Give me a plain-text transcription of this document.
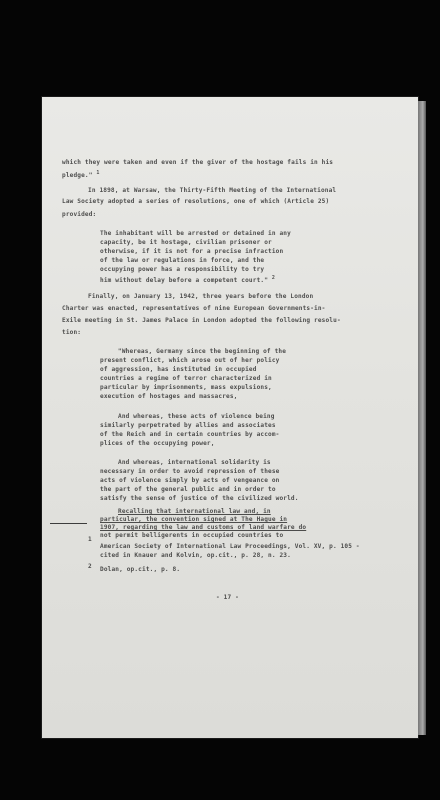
which they were taken and even if the giver of the hostage fails in his
pledge." $^1$
In 1898, at Warsaw, the Thirty-Fifth Meeting of the International
Law Society adopted a series of resolutions, one of which (Article 25)
provided:
The inhabitant will be arrested or detained in any
capacity, be it hostage, civilian prisoner or
otherwise, if it is not for a precise infraction
of the law or regulations in force, and the
occupying power has a responsibility to try
him without delay before a competent court." $^2$
Finally, on January 13, 1942, three years before the London
Charter was enacted, representatives of nine European Governments-in-
Exile meeting in St. James Palace in London adopted the following resolu-
tion:
"Whereas, Germany since the beginning of the
present conflict, which arose out of her policy
of aggression, has instituted in occupied
countries a regime of terror characterized in
particular by imprisonments, mass expulsions,
execution of hostages and massacres,
And whereas, these acts of violence being
similarly perpetrated by allies and associates
of the Reich and in certain countries by accom-
plices of the occupying power,
And whereas, international solidarity is
necessary in order to avoid repression of these
acts of violence simply by acts of vengeance on
the part of the general public and in order to
satisfy the sense of justice of the civilized world.
Recalling that international law and, in
particular, the convention signed at The Hague in
1907, regarding the law and customs of land warfare do
not permit belligerents in occupied countries to
1
American Society of International Law Proceedings, Vol. XV, p. 105 -
cited in Knauer and Kolvin, op.cit., p. 28, n. 23.
2 Dolan, op.cit., p. 8.
- 17 -
